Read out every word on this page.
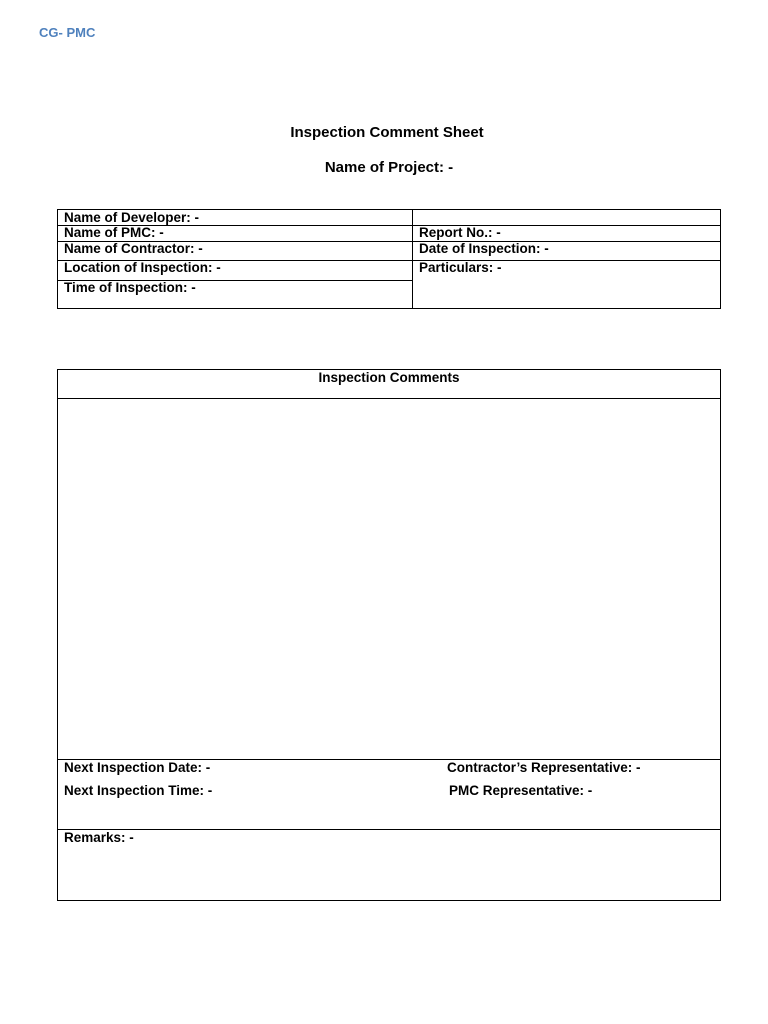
CG- PMC
Inspection Comment Sheet
Name of Project: -
Name of Developer: -
Name of PMC: -
Name of Contractor: -
Location of Inspection: -
Time of Inspection: -
Report No.: -
Date of Inspection: -
Particulars: -
Inspection Comments
Next Inspection Date: -	Contractor’s Representative: -
Next Inspection Time: -	PMC Representative: -
Remarks: -
